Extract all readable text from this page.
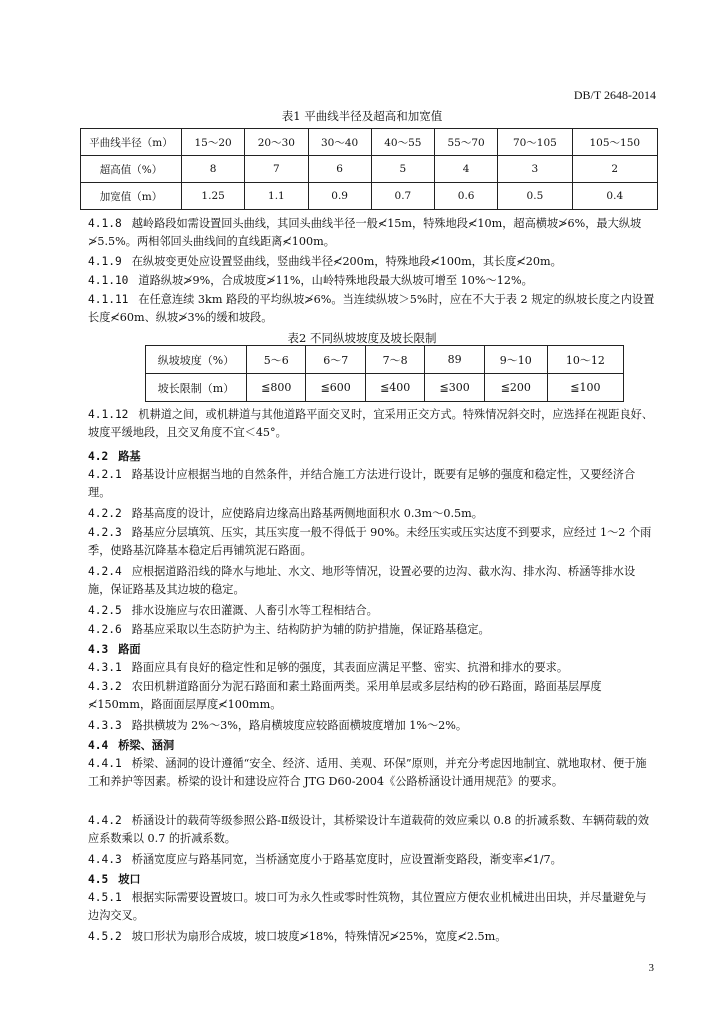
DB/T 2648-2014
表1 平曲线半径及超高和加宽值
平曲线半径（m）	15～20	20～30	30～40	40～55	55～70	70～105	105～150
超高值（%）	8	7	6	5	4	3	2
加宽值（m）	1.25	1.1	0.9	0.7	0.6	0.5	0.4
4.1.8 越岭路段如需设置回头曲线，其回头曲线半径一般≮15m，特殊地段≮10m，超高横坡≯6%，最大纵坡≯5.5%。两相邻回头曲线间的直线距离≮100m。
4.1.9 在纵坡变更处应设置竖曲线，竖曲线半径≮200m，特殊地段≮100m，其长度≮20m。
4.1.10 道路纵坡≯9%，合成坡度≯11%，山岭特殊地段最大纵坡可增至 10%～12%。
4.1.11 在任意连续 3km 路段的平均纵坡≯6%。当连续纵坡＞5%时，应在不大于表 2 规定的纵坡长度之内设置长度≮60m、纵坡≯3%的缓和坡段。
表2 不同纵坡坡度及坡长限制
纵坡坡度（%）	5～6	6～7	7～8	89	9～10	10～12
坡长限制（m）	≦800	≦600	≦400	≦300	≦200	≦100
4.1.12 机耕道之间，或机耕道与其他道路平面交叉时，宜采用正交方式。特殊情况斜交时，应选择在视距良好、坡度平缓地段，且交叉角度不宜＜45°。
4.2 路基
4.2.1 路基设计应根据当地的自然条件，并结合施工方法进行设计，既要有足够的强度和稳定性，又要经济合理。
4.2.2 路基高度的设计，应使路肩边缘高出路基两侧地面积水 0.3m～0.5m。
4.2.3 路基应分层填筑、压实，其压实度一般不得低于 90%。未经压实或压实达度不到要求，应经过 1～2 个雨季，使路基沉降基本稳定后再铺筑泥石路面。
4.2.4 应根据道路沿线的降水与地址、水文、地形等情况，设置必要的边沟、截水沟、排水沟、桥涵等排水设施，保证路基及其边坡的稳定。
4.2.5 排水设施应与农田灌溉、人畜引水等工程相结合。
4.2.6 路基应采取以生态防护为主、结构防护为辅的防护措施，保证路基稳定。
4.3 路面
4.3.1 路面应具有良好的稳定性和足够的强度，其表面应满足平整、密实、抗滑和排水的要求。
4.3.2 农田机耕道路面分为泥石路面和素土路面两类。采用单层或多层结构的砂石路面，路面基层厚度≮150mm，路面面层厚度≮100mm。
4.3.3 路拱横坡为 2%～3%，路肩横坡度应较路面横坡度增加 1%～2%。
4.4 桥梁、涵洞
4.4.1 桥梁、涵洞的设计遵循“安全、经济、适用、美观、环保”原则，并充分考虑因地制宜、就地取材、便于施工和养护等因素。桥梁的设计和建设应符合 JTG D60-2004《公路桥涵设计通用规范》的要求。
4.4.2 桥涵设计的载荷等级参照公路-Ⅱ级设计，其桥梁设计车道载荷的效应乘以 0.8 的折减系数、车辆荷载的效应系数乘以 0.7 的折减系数。
4.4.3 桥涵宽度应与路基同宽，当桥涵宽度小于路基宽度时，应设置渐变路段，渐变率≮1/7。
4.5 坡口
4.5.1 根据实际需要设置坡口。坡口可为永久性或零时性筑物，其位置应方便农业机械进出田块，并尽量避免与边沟交叉。
4.5.2 坡口形状为扇形合成坡，坡口坡度≯18%，特殊情况≯25%，宽度≮2.5m。
3
